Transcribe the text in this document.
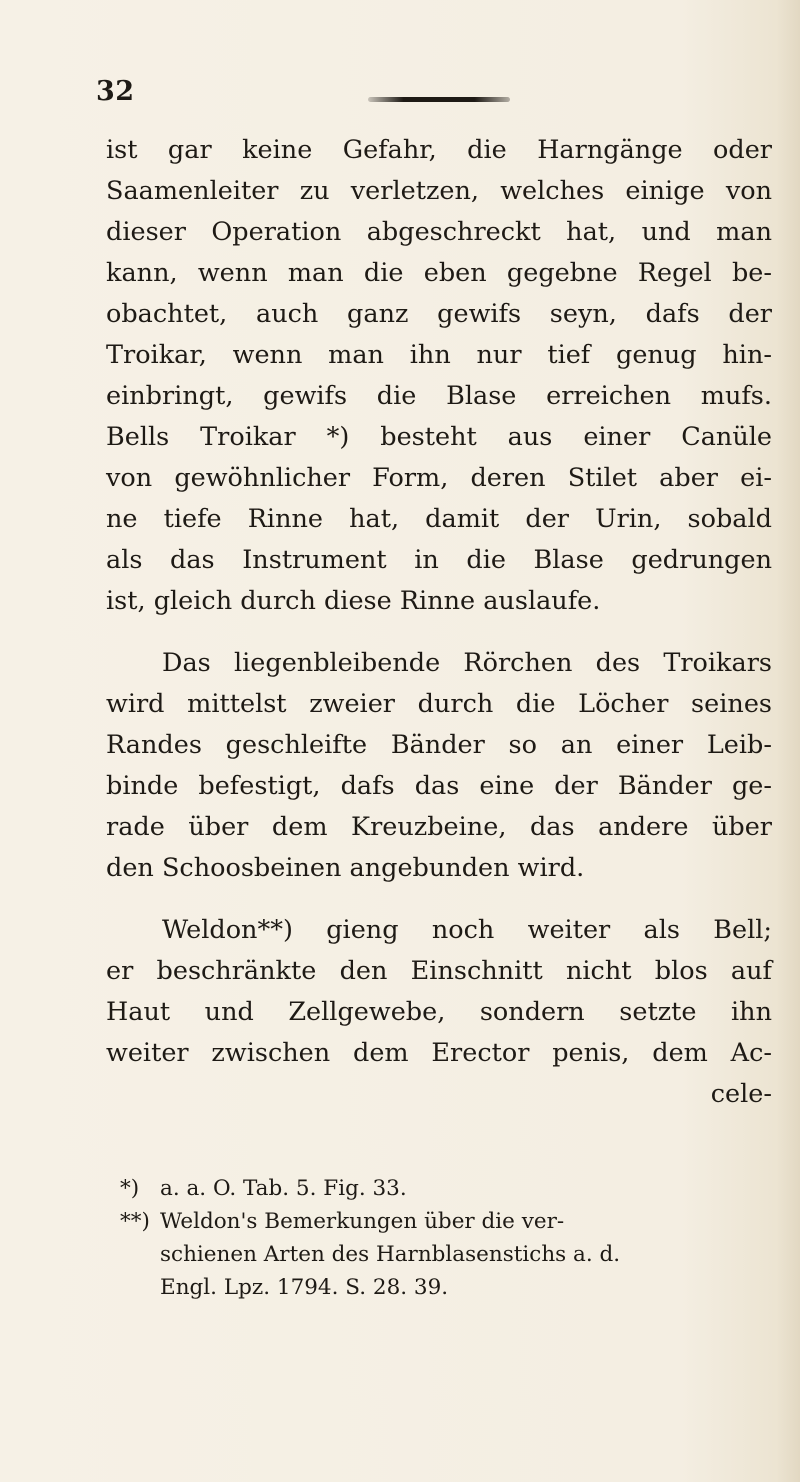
32
ist gar keine Gefahr, die Harngänge oder
Saamenleiter zu verletzen, welches einige von
dieser Operation abgeschreckt hat, und man
kann, wenn man die eben gegebne Regel be-
obachtet, auch ganz gewifs seyn, dafs der
Troikar, wenn man ihn nur tief genug hin-
einbringt, gewifs die Blase erreichen mufs.
Bells Troikar *) besteht aus einer Canüle
von gewöhnlicher Form, deren Stilet aber ei-
ne tiefe Rinne hat, damit der Urin, sobald
als das Instrument in die Blase gedrungen
ist, gleich durch diese Rinne auslaufe.
Das liegenbleibende Rörchen des Troikars
wird mittelst zweier durch die Löcher seines
Randes geschleifte Bänder so an einer Leib-
binde befestigt, dafs das eine der Bänder ge-
rade über dem Kreuzbeine, das andere über
den Schoosbeinen angebunden wird.
Weldon**) gieng noch weiter als Bell;
er beschränkte den Einschnitt nicht blos auf
Haut und Zellgewebe, sondern setzte ihn
weiter zwischen dem Erector penis, dem Ac-
cele-
*) a. a. O. Tab. 5. Fig. 33.
**) Weldon's Bemerkungen über die ver-
schienen Arten des Harnblasenstichs a. d.
Engl. Lpz. 1794. S. 28. 39.
